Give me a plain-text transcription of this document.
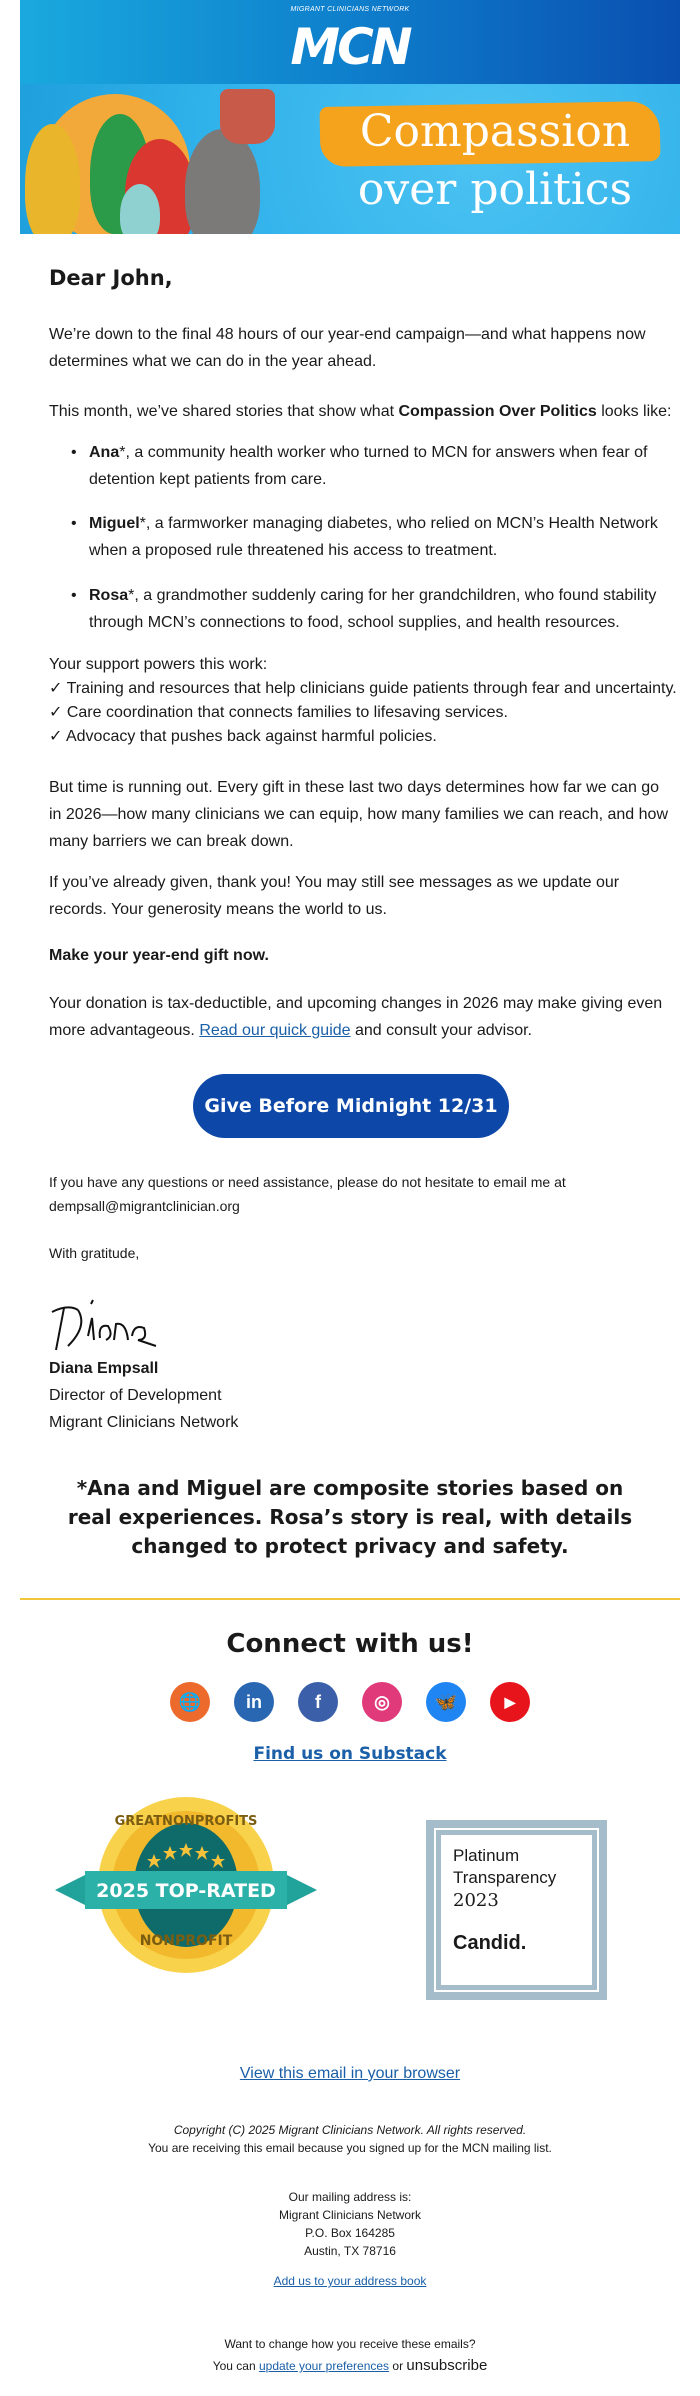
MIGRANT CLINICIANS NETWORK
MCN
Compassion
over politics
Dear John,
We’re down to the final 48 hours of our year-end campaign—and what happens now determines what we can do in the year ahead.
This month, we’ve shared stories that show what Compassion Over Politics looks like:
• Ana*, a community health worker who turned to MCN for answers when fear of detention kept patients from care.
• Miguel*, a farmworker managing diabetes, who relied on MCN’s Health Network when a proposed rule threatened his access to treatment.
• Rosa*, a grandmother suddenly caring for her grandchildren, who found stability through MCN’s connections to food, school supplies, and health resources.
Your support powers this work:
✓ Training and resources that help clinicians guide patients through fear and uncertainty.
✓ Care coordination that connects families to lifesaving services.
✓ Advocacy that pushes back against harmful policies.
But time is running out. Every gift in these last two days determines how far we can go in 2026—how many clinicians we can equip, how many families we can reach, and how many barriers we can break down.
If you’ve already given, thank you! You may still see messages as we update our records. Your generosity means the world to us.
Make your year-end gift now.
Your donation is tax-deductible, and upcoming changes in 2026 may make giving even more advantageous. Read our quick guide and consult your advisor.
Give Before Midnight 12/31
If you have any questions or need assistance, please do not hesitate to email me at dempsall@migrantclinician.org
With gratitude,
Diana Empsall
Director of Development
Migrant Clinicians Network
*Ana and Miguel are composite stories based on real experiences. Rosa’s story is real, with details changed to protect privacy and safety.
Connect with us!
🌐	in	f	◎	🦋	▶
Find us on Substack
GREATNONPROFITS
2025 TOP-RATED
NONPROFIT
Platinum
Transparency
2023
Candid.
View this email in your browser
Copyright (C) 2025 Migrant Clinicians Network. All rights reserved.
You are receiving this email because you signed up for the MCN mailing list.
Our mailing address is:
Migrant Clinicians Network
P.O. Box 164285
Austin, TX 78716
Add us to your address book
Want to change how you receive these emails?
You can update your preferences or unsubscribe
